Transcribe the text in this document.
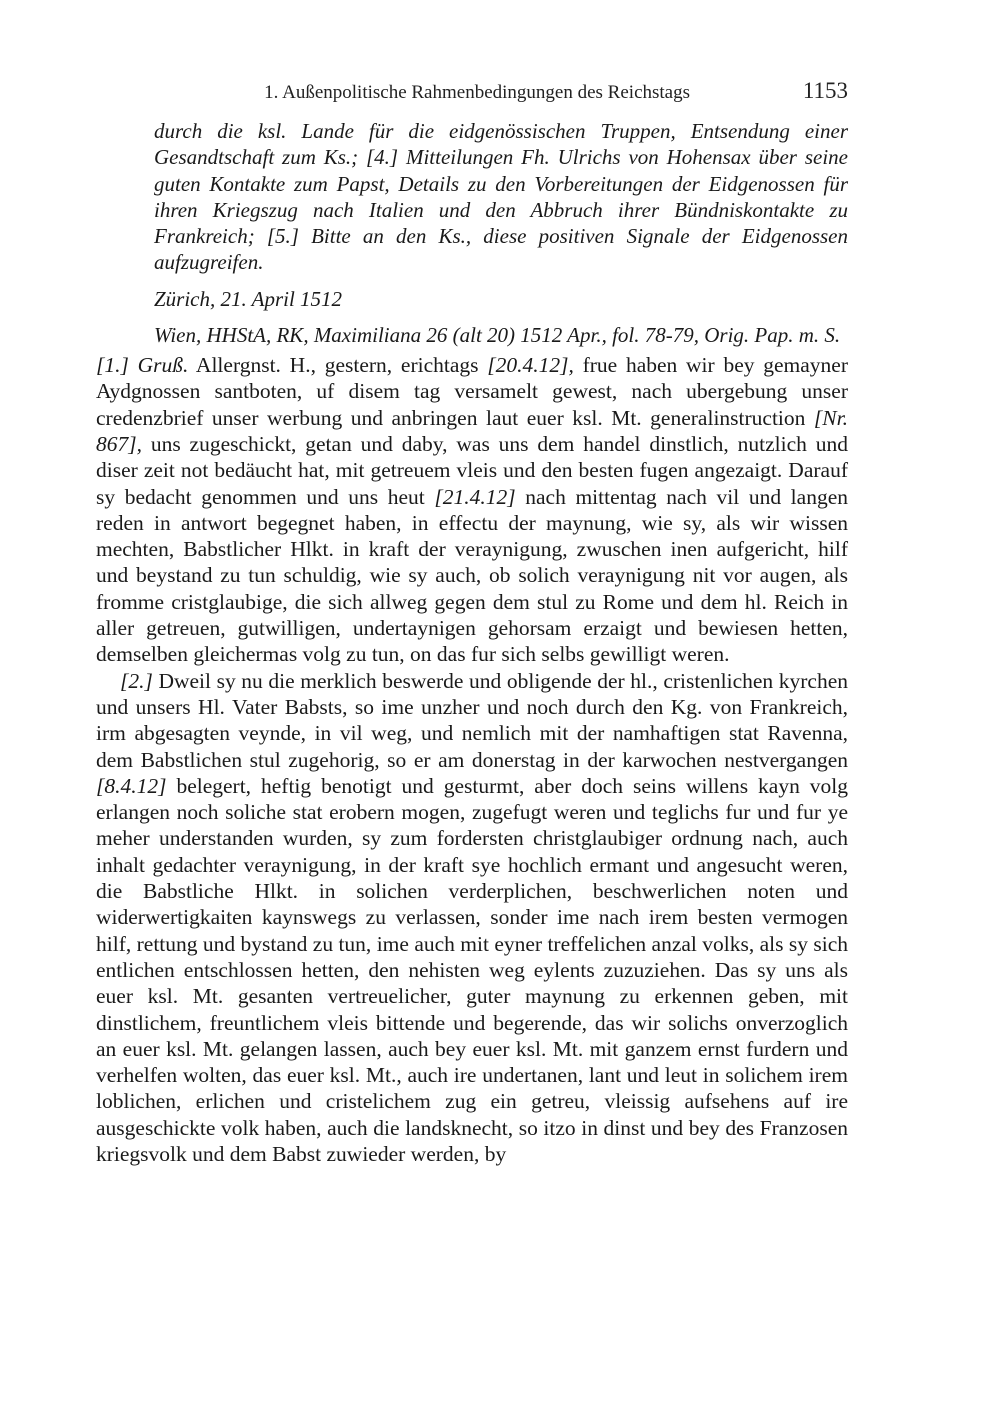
1. Außenpolitische Rahmenbedingungen des Reichstags	1153

durch die ksl. Lande für die eidgenössischen Truppen, Entsendung einer Gesandtschaft zum Ks.; [4.] Mitteilungen Fh. Ulrichs von Hohensax über seine guten Kontakte zum Papst, Details zu den Vorbereitungen der Eidgenossen für ihren Kriegszug nach Italien und den Abbruch ihrer Bündniskontakte zu Frankreich; [5.] Bitte an den Ks., diese positiven Signale der Eidgenossen aufzugreifen.

Zürich, 21. April 1512
Wien, HHStA, RK, Maximiliana 26 (alt 20) 1512 Apr., fol. 78-79, Orig. Pap. m. S.

[1.] Gruß. Allergnst. H., gestern, erichtags [20.4.12], frue haben wir bey gemayner Aydgnossen santboten, uf disem tag versamelt gewest, nach ubergebung unser credenzbrief unser werbung und anbringen laut euer ksl. Mt. generalinstruction [Nr. 867], uns zugeschickt, getan und daby, was uns dem handel dinstlich, nutzlich und diser zeit not bedäucht hat, mit getreuem vleis und den besten fugen angezaigt. Darauf sy bedacht genommen und uns heut [21.4.12] nach mittentag nach vil und langen reden in antwort begegnet haben, in effectu der maynung, wie sy, als wir wissen mechten, Babstlicher Hlkt. in kraft der veraynigung, zwuschen inen aufgericht, hilf und beystand zu tun schuldig, wie sy auch, ob solich veraynigung nit vor augen, als fromme cristglaubige, die sich allweg gegen dem stul zu Rome und dem hl. Reich in aller getreuen, gutwilligen, undertaynigen gehorsam erzaigt und bewiesen hetten, demselben gleichermas volg zu tun, on das fur sich selbs gewilligt weren.

[2.] Dweil sy nu die merklich beswerde und obligende der hl., cristenlichen kyrchen und unsers Hl. Vater Babsts, so ime unzher und noch durch den Kg. von Frankreich, irm abgesagten veynde, in vil weg, und nemlich mit der namhaftigen stat Ravenna, dem Babstlichen stul zugehorig, so er am donerstag in der karwochen nestvergangen [8.4.12] belegert, heftig benotigt und gesturmt, aber doch seins willens kayn volg erlangen noch soliche stat erobern mogen, zugefugt weren und teglichs fur und fur ye meher understanden wurden, sy zum fordersten christglaubiger ordnung nach, auch inhalt gedachter veraynigung, in der kraft sye hochlich ermant und angesucht weren, die Babstliche Hlkt. in solichen verderplichen, beschwerlichen noten und widerwertigkaiten kaynswegs zu verlassen, sonder ime nach irem besten vermogen hilf, rettung und bystand zu tun, ime auch mit eyner treffelichen anzal volks, als sy sich entlichen entschlossen hetten, den nehisten weg eylents zuzuziehen. Das sy uns als euer ksl. Mt. gesanten vertreuelicher, guter maynung zu erkennen geben, mit dinstlichem, freuntlichem vleis bittende und begerende, das wir solichs onverzoglich an euer ksl. Mt. gelangen lassen, auch bey euer ksl. Mt. mit ganzem ernst furdern und verhelfen wolten, das euer ksl. Mt., auch ire undertanen, lant und leut in solichem irem loblichen, erlichen und cristelichem zug ein getreu, vleissig aufsehens auf ire ausgeschickte volk haben, auch die landsknecht, so itzo in dinst und bey des Franzosen kriegsvolk und dem Babst zuwieder werden, by
